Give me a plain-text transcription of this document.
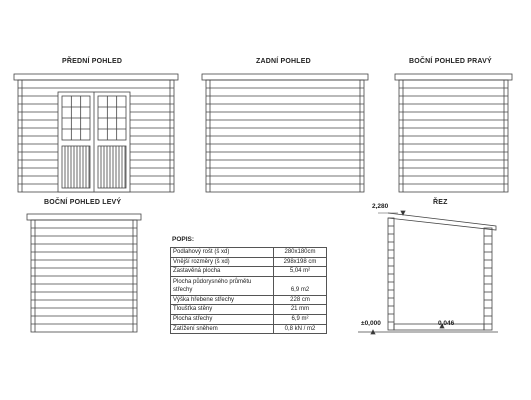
PŘEDNÍ POHLED	ZADNÍ POHLED	BOČNÍ POHLED PRAVÝ
BOČNÍ POHLED LEVÝ	ŘEZ
2,280
±0,000	0,046
POPIS:
Podlahový rošt (š xd)	280x180cm
Vnější rozměry (š xd)	298x198 cm
Zastavěná plocha	5,04 m²
Plocha půdorysného průmětu střechy	6,9 m2
Výška hřebene střechy	228 cm
Tloušťka stěny	21 mm
Plocha střechy	6,9 m²
Zatížení sněhem	0,8 kN / m2
